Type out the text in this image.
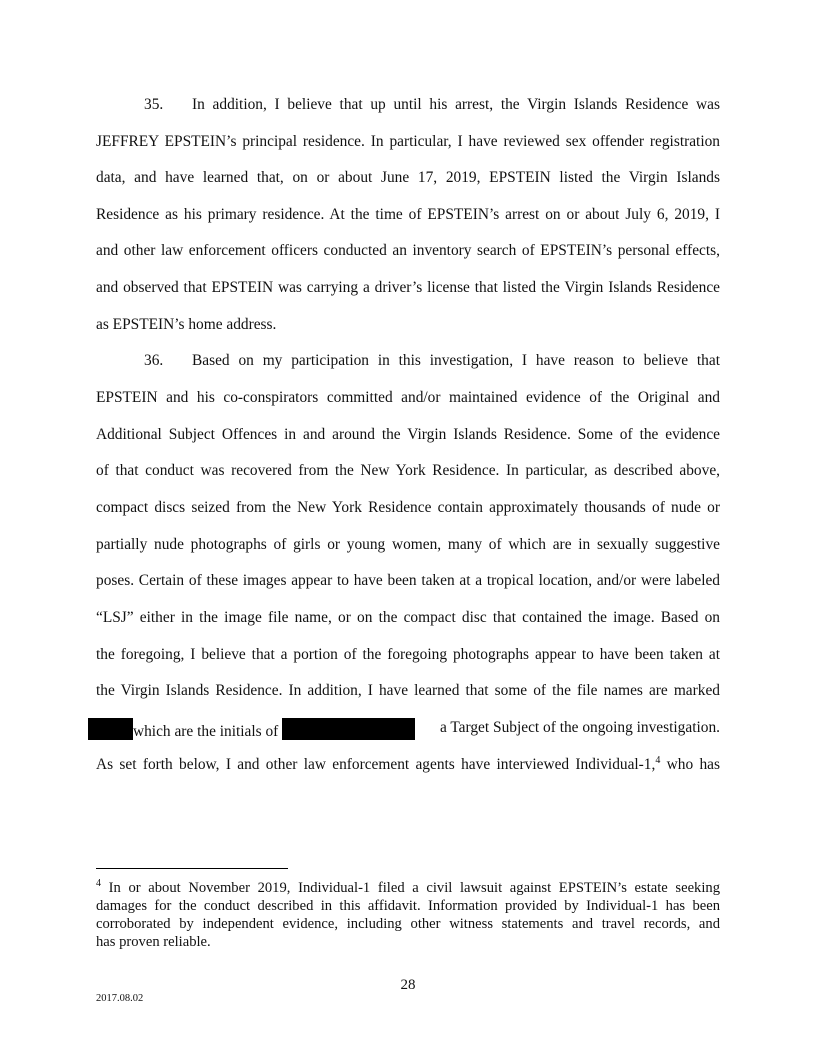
35. In addition, I believe that up until his arrest, the Virgin Islands Residence was
JEFFREY EPSTEIN’s principal residence. In particular, I have reviewed sex offender registration
data, and have learned that, on or about June 17, 2019, EPSTEIN listed the Virgin Islands
Residence as his primary residence. At the time of EPSTEIN’s arrest on or about July 6, 2019, I
and other law enforcement officers conducted an inventory search of EPSTEIN’s personal effects,
and observed that EPSTEIN was carrying a driver’s license that listed the Virgin Islands Residence
as EPSTEIN’s home address.
36. Based on my participation in this investigation, I have reason to believe that
EPSTEIN and his co-conspirators committed and/or maintained evidence of the Original and
Additional Subject Offences in and around the Virgin Islands Residence. Some of the evidence
of that conduct was recovered from the New York Residence. In particular, as described above,
compact discs seized from the New York Residence contain approximately thousands of nude or
partially nude photographs of girls or young women, many of which are in sexually suggestive
poses. Certain of these images appear to have been taken at a tropical location, and/or were labeled
“LSJ” either in the image file name, or on the compact disc that contained the image. Based on
the foregoing, I believe that a portion of the foregoing photographs appear to have been taken at
the Virgin Islands Residence. In addition, I have learned that some of the file names are marked
which are the initials of	a Target Subject of the ongoing investigation.
As set forth below, I and other law enforcement agents have interviewed Individual-1,$^4$ who has
$^4$ In or about November 2019, Individual-1 filed a civil lawsuit against EPSTEIN’s estate seeking
damages for the conduct described in this affidavit. Information provided by Individual-1 has been
corroborated by independent evidence, including other witness statements and travel records, and
has proven reliable.
28
2017.08.02
